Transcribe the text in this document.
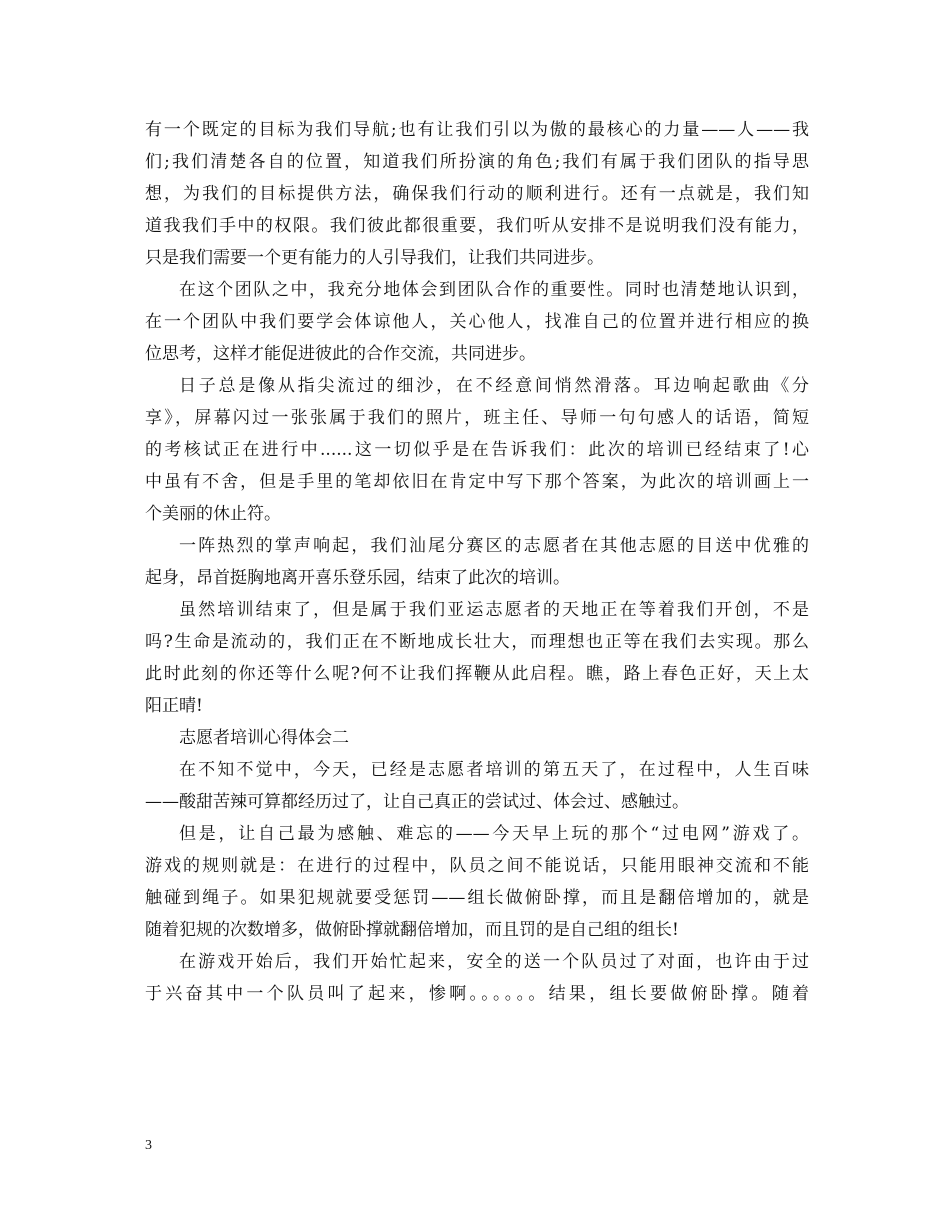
有一个既定的目标为我们导航;也有让我们引以为傲的最核心的力量——人——我
们;我们清楚各自的位置，知道我们所扮演的角色;我们有属于我们团队的指导思
想，为我们的目标提供方法，确保我们行动的顺利进行。还有一点就是，我们知
道我我们手中的权限。我们彼此都很重要，我们听从安排不是说明我们没有能力，
只是我们需要一个更有能力的人引导我们，让我们共同进步。
在这个团队之中，我充分地体会到团队合作的重要性。同时也清楚地认识到，
在一个团队中我们要学会体谅他人，关心他人，找准自己的位置并进行相应的换
位思考，这样才能促进彼此的合作交流，共同进步。
日子总是像从指尖流过的细沙，在不经意间悄然滑落。耳边响起歌曲《分
享》，屏幕闪过一张张属于我们的照片，班主任、导师一句句感人的话语，简短
的考核试正在进行中......这一切似乎是在告诉我们：此次的培训已经结束了!心
中虽有不舍，但是手里的笔却依旧在肯定中写下那个答案，为此次的培训画上一
个美丽的休止符。
一阵热烈的掌声响起，我们汕尾分赛区的志愿者在其他志愿的目送中优雅的
起身，昂首挺胸地离开喜乐登乐园，结束了此次的培训。
虽然培训结束了，但是属于我们亚运志愿者的天地正在等着我们开创，不是
吗?生命是流动的，我们正在不断地成长壮大，而理想也正等在我们去实现。那么
此时此刻的你还等什么呢?何不让我们挥鞭从此启程。瞧，路上春色正好，天上太
阳正晴!
志愿者培训心得体会二
在不知不觉中，今天，已经是志愿者培训的第五天了，在过程中，人生百味
——酸甜苦辣可算都经历过了，让自己真正的尝试过、体会过、感触过。
但是，让自己最为感触、难忘的——今天早上玩的那个“过电网”游戏了。
游戏的规则就是：在进行的过程中，队员之间不能说话，只能用眼神交流和不能
触碰到绳子。如果犯规就要受惩罚——组长做俯卧撑，而且是翻倍增加的，就是
随着犯规的次数增多，做俯卧撑就翻倍增加，而且罚的是自己组的组长!
在游戏开始后，我们开始忙起来，安全的送一个队员过了对面，也许由于过
于兴奋其中一个队员叫了起来，惨啊。。。。。。结果，组长要做俯卧撑。随着
3
